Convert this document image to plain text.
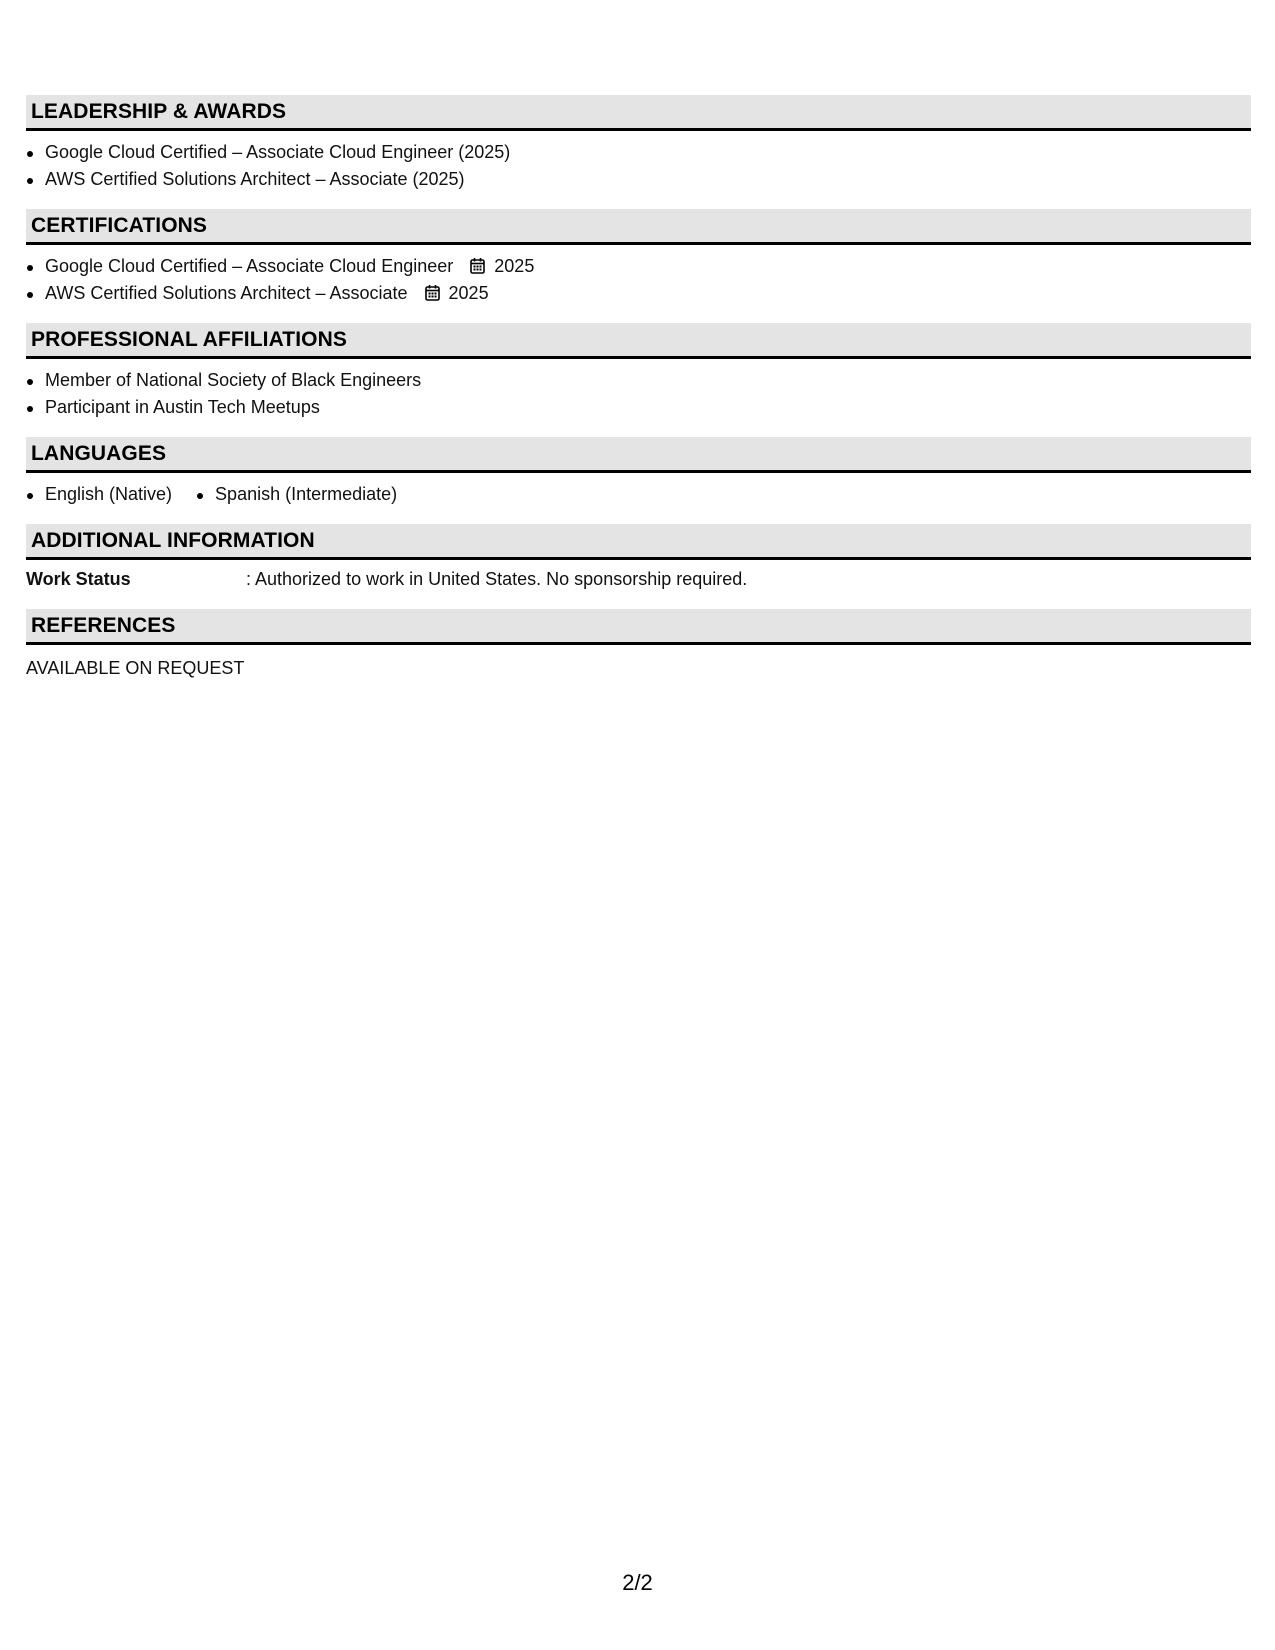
LEADERSHIP & AWARDS
Google Cloud Certified – Associate Cloud Engineer (2025)
AWS Certified Solutions Architect – Associate (2025)
CERTIFICATIONS
Google Cloud Certified – Associate Cloud Engineer 2025
AWS Certified Solutions Architect – Associate 2025
PROFESSIONAL AFFILIATIONS
Member of National Society of Black Engineers
Participant in Austin Tech Meetups
LANGUAGES
English (Native)	Spanish (Intermediate)
ADDITIONAL INFORMATION
Work Status	: Authorized to work in United States. No sponsorship required.
REFERENCES
AVAILABLE ON REQUEST
2/2
